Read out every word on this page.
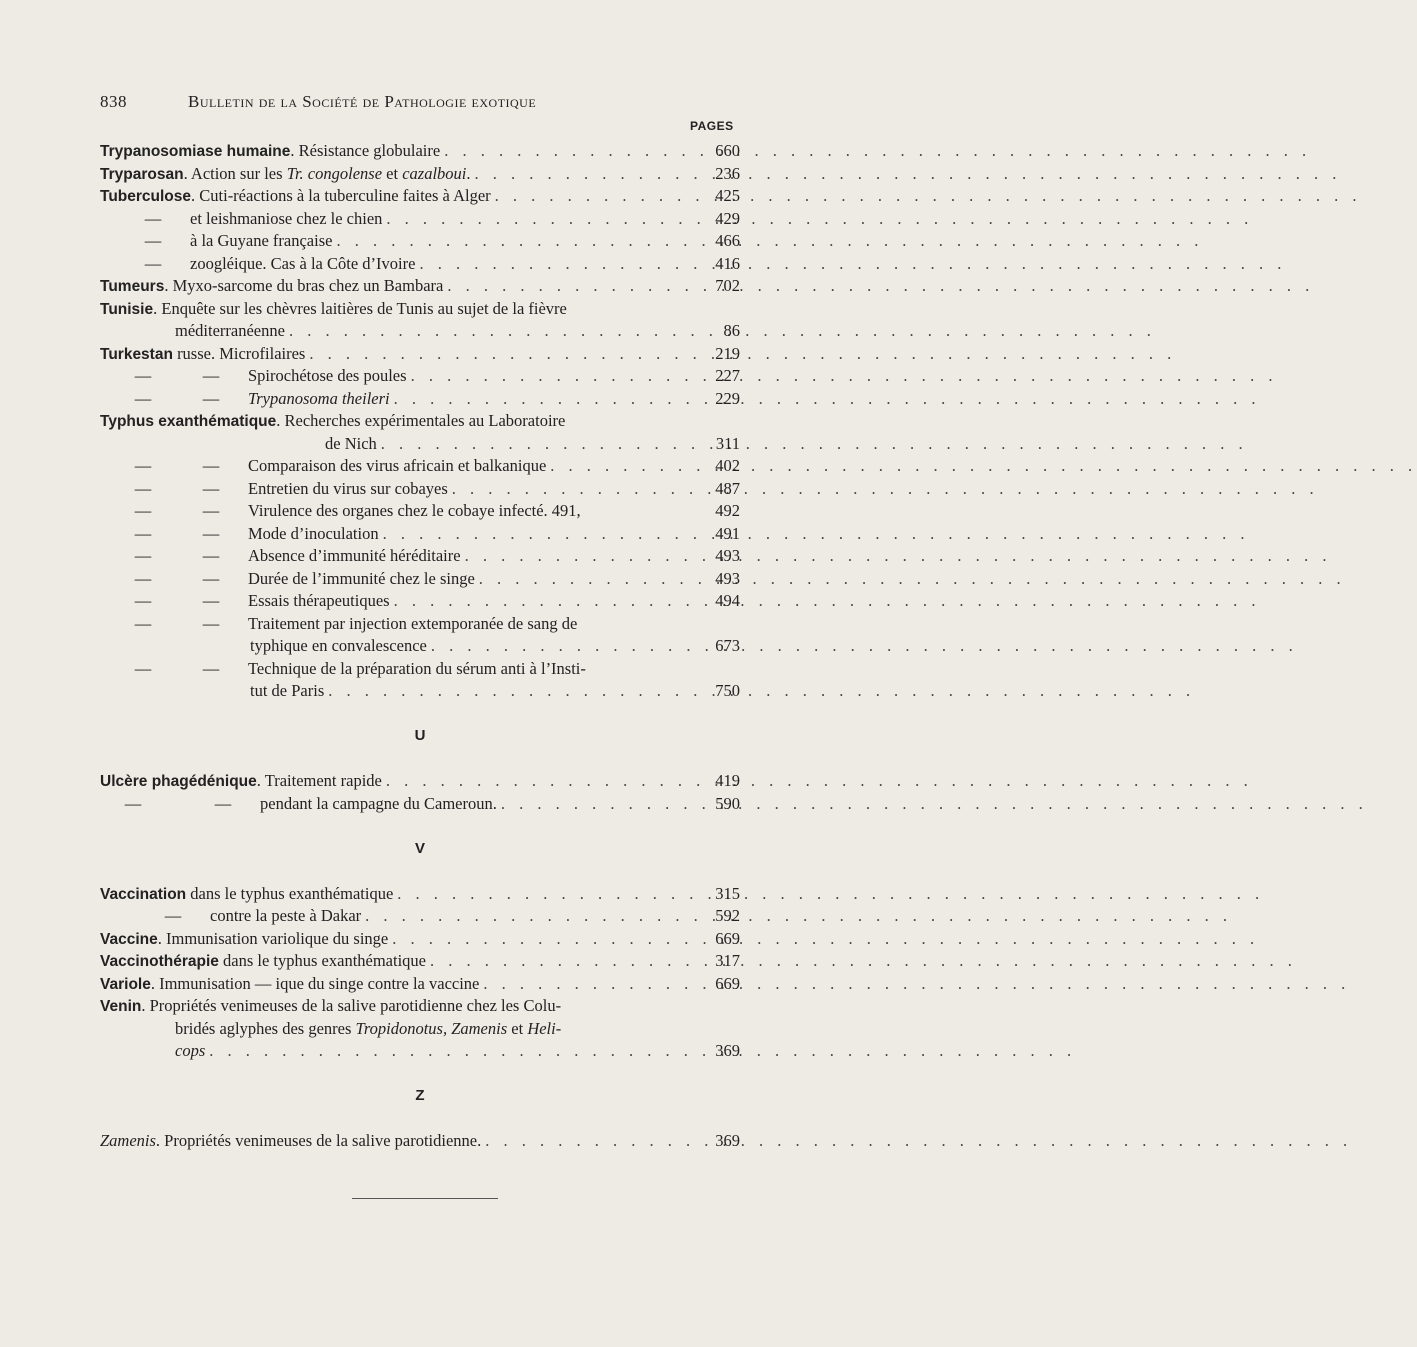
838	Bulletin de la Société de Pathologie exotique
PAGES
Trypanosomiase humaine. Résistance globulaire . . .	660
Tryparosan. Action sur les Tr. congolense et cazalboui. . . .	236
Tuberculose. Cuti-réactions à la tuberculine faites à Alger . . .	425
— et leishmaniose chez le chien . . .	429
— à la Guyane française . . .	466
— zoogléique. Cas à la Côte d’Ivoire . . .	416
Tumeurs. Myxo-sarcome du bras chez un Bambara . . .	702
Tunisie. Enquête sur les chèvres laitières de Tunis au sujet de la fièvre
méditerranéenne . . .	86
Turkestan russe. Microfilaires . . .	219
—	— Spirochétose des poules . . .	227
—	— Trypanosoma theileri . . .	229
Typhus exanthématique. Recherches expérimentales au Laboratoire
de Nich . . .	311
—	— Comparaison des virus africain et balkanique . . .	402
—	— Entretien du virus sur cobayes . . .	487
—	— Virulence des organes chez le cobaye infecté. 491,	492
—	— Mode d’inoculation . . .	491
—	— Absence d’immunité héréditaire . . .	493
—	— Durée de l’immunité chez le singe . . .	493
—	— Essais thérapeutiques . . .	494
—	— Traitement par injection extemporanée de sang de
typhique en convalescence . . .	673
—	— Technique de la préparation du sérum anti à l’Insti-
tut de Paris . . .	750
U
Ulcère phagédénique. Traitement rapide . . .	419
—	— pendant la campagne du Cameroun. . . .	590
V
Vaccination dans le typhus exanthématique . . .	315
— contre la peste à Dakar . . .	592
Vaccine. Immunisation variolique du singe . . .	669
Vaccinothérapie dans le typhus exanthématique . . .	317
Variole. Immunisation — ique du singe contre la vaccine . . .	669
Venin. Propriétés venimeuses de la salive parotidienne chez les Colu-
bridés aglyphes des genres Tropidonotus, Zamenis et Heli-
cops . . .	369
Z
Zamenis. Propriétés venimeuses de la salive parotidienne. . . .	369
